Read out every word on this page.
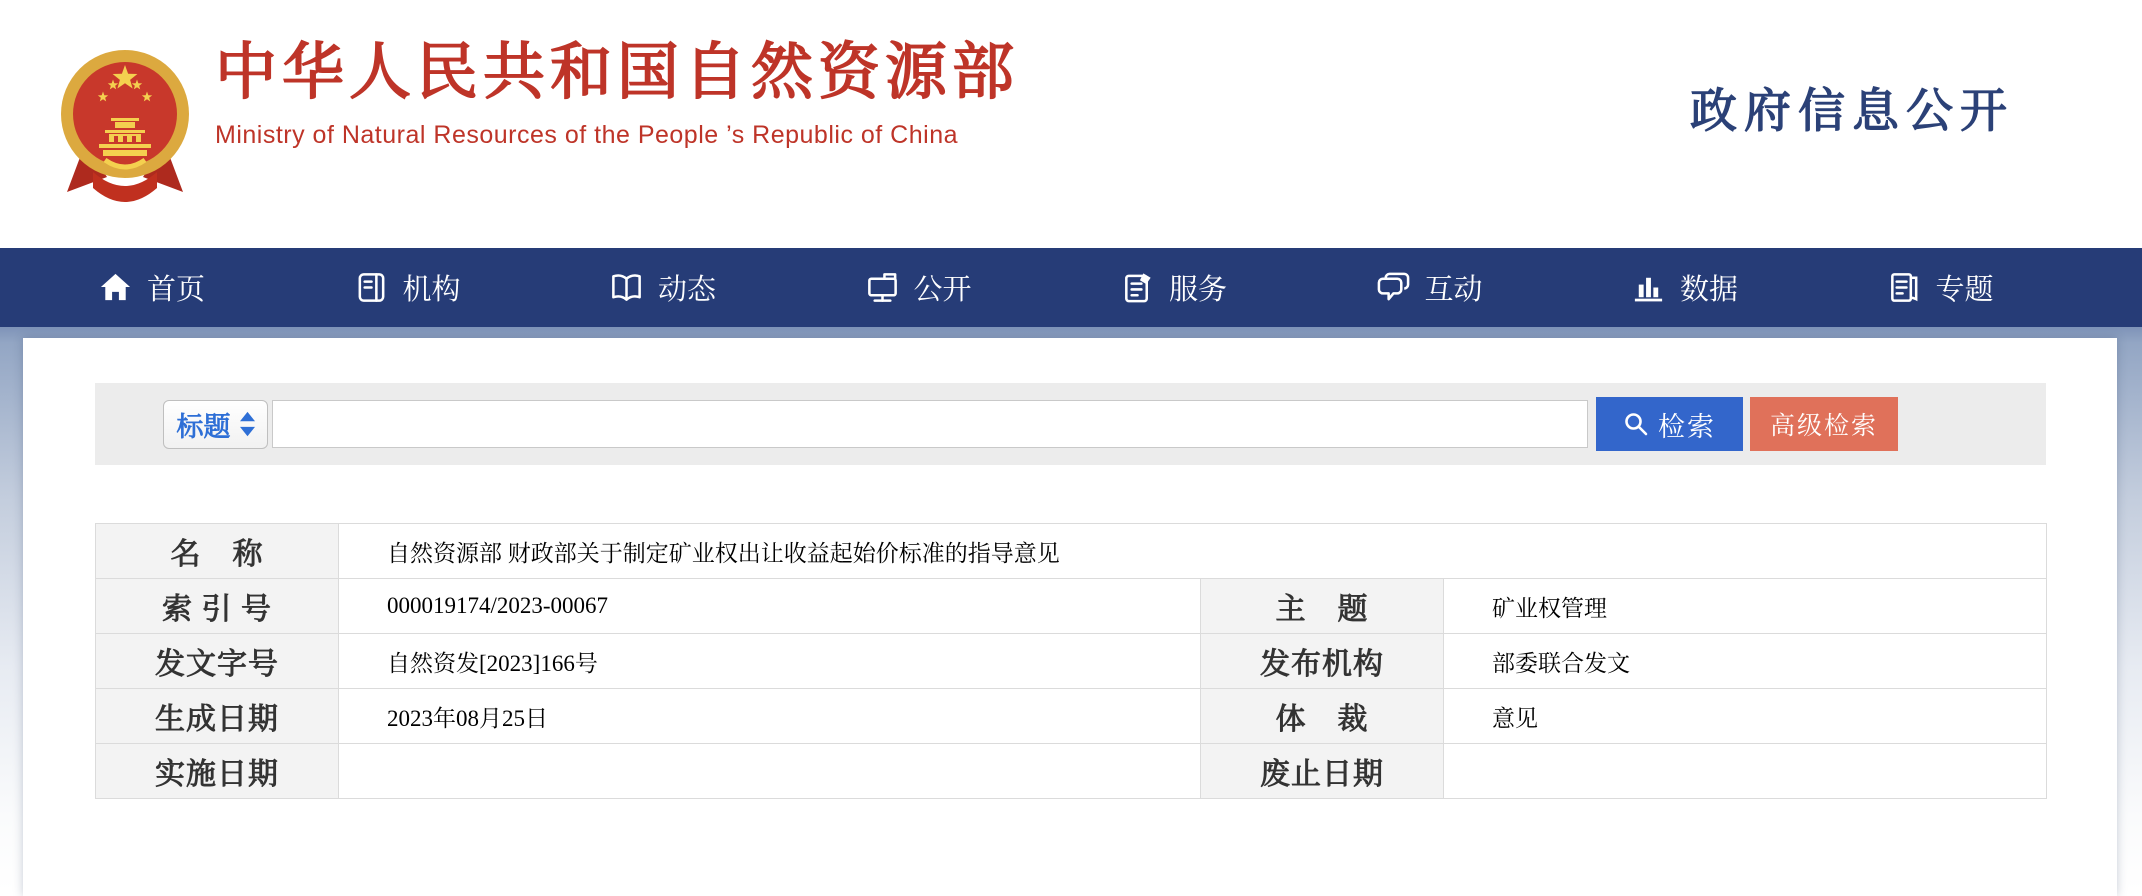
中华人民共和国自然资源部
Ministry of Natural Resources of the People ’s Republic of China	政府信息公开
首页	机构	动态	公开	服务	互动	数据	专题
标题	检索 高级检索
名　称	自然资源部 财政部关于制定矿业权出让收益起始价标准的指导意见		
索 引 号	000019174/2023-00067	主　题	矿业权管理
发文字号	自然资发[2023]166号	发布机构	部委联合发文
生成日期	2023年08月25日	体　裁	意见
实施日期		废止日期	
